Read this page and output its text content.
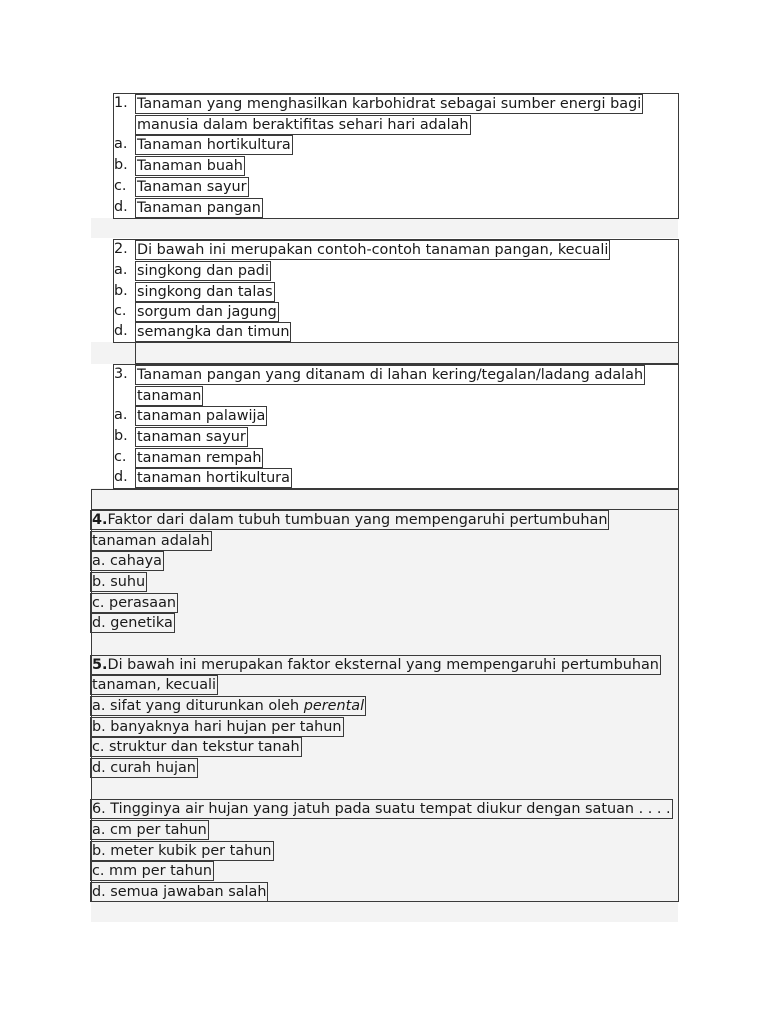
1. Tanaman yang menghasilkan karbohidrat sebagai sumber energi bagi
manusia dalam beraktifitas sehari hari adalah
a. Tanaman hortikultura
b. Tanaman buah
c. Tanaman sayur
d. Tanaman pangan
2. Di bawah ini merupakan contoh-contoh tanaman pangan, kecuali
a. singkong dan padi
b. singkong dan talas
c. sorgum dan jagung
d. semangka dan timun
3. Tanaman pangan yang ditanam di lahan kering/tegalan/ladang adalah
tanaman
a. tanaman palawija
b. tanaman sayur
c. tanaman rempah
d. tanaman hortikultura
4.Faktor dari dalam tubuh tumbuan yang mempengaruhi pertumbuhan
tanaman adalah
a. cahaya
b. suhu
c. perasaan
d. genetika
5.Di bawah ini merupakan faktor eksternal yang mempengaruhi pertumbuhan
tanaman, kecuali
a. sifat yang diturunkan oleh perental
b. banyaknya hari hujan per tahun
c. struktur dan tekstur tanah
d. curah hujan
6. Tingginya air hujan yang jatuh pada suatu tempat diukur dengan satuan . . . .
a. cm per tahun
b. meter kubik per tahun
c. mm per tahun
d. semua jawaban salah
